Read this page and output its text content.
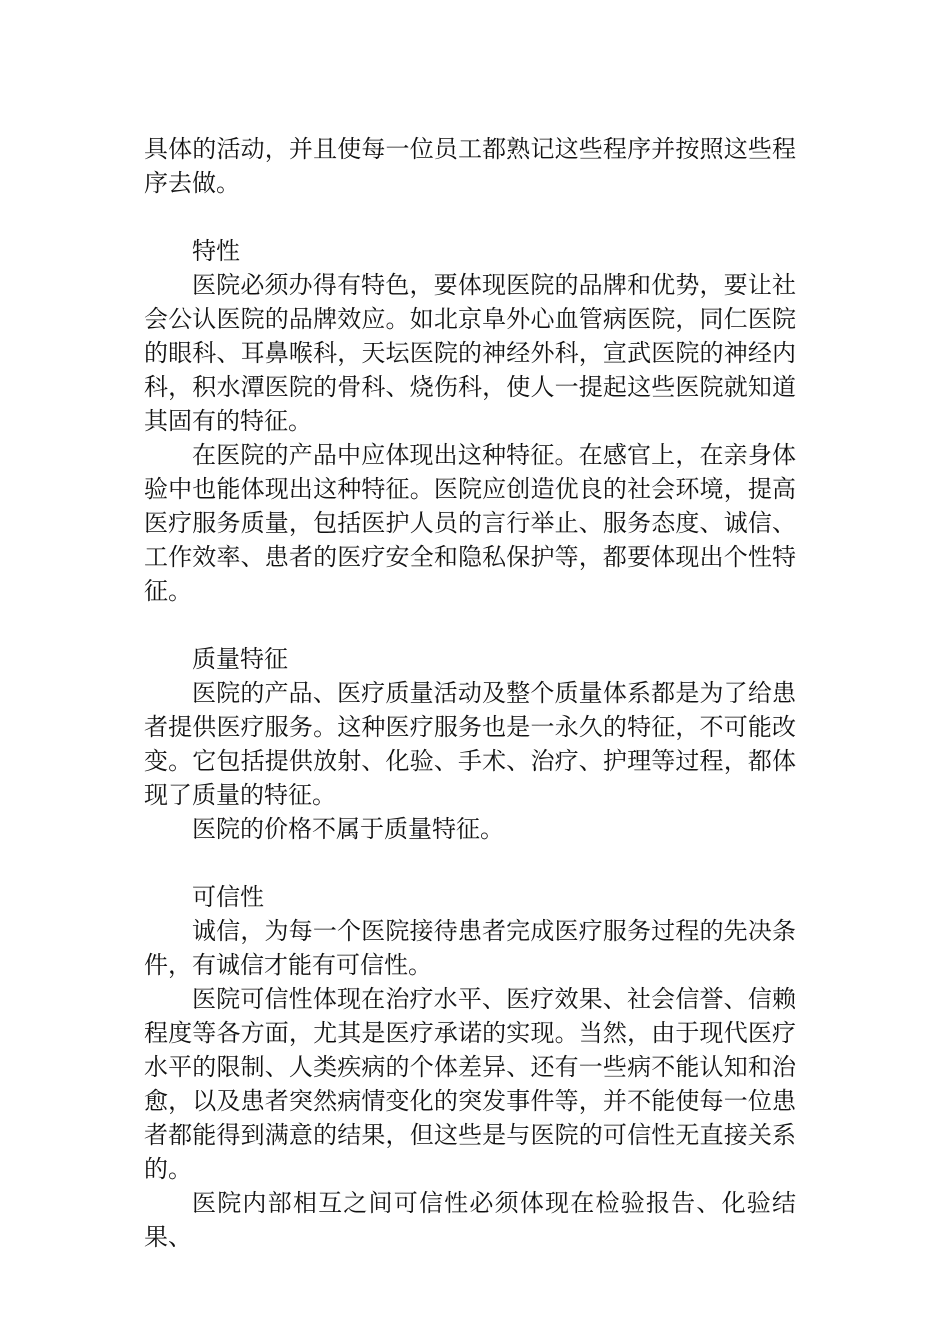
具体的活动，并且使每一位员工都熟记这些程序并按照这些程序去做。

特性

医院必须办得有特色，要体现医院的品牌和优势，要让社会公认医院的品牌效应。如北京阜外心血管病医院，同仁医院的眼科、耳鼻喉科，天坛医院的神经外科，宣武医院的神经内科，积水潭医院的骨科、烧伤科，使人一提起这些医院就知道其固有的特征。

在医院的产品中应体现出这种特征。在感官上，在亲身体验中也能体现出这种特征。医院应创造优良的社会环境，提高医疗服务质量，包括医护人员的言行举止、服务态度、诚信、工作效率、患者的医疗安全和隐私保护等，都要体现出个性特征。

质量特征

医院的产品、医疗质量活动及整个质量体系都是为了给患者提供医疗服务。这种医疗服务也是一永久的特征，不可能改变。它包括提供放射、化验、手术、治疗、护理等过程，都体现了质量的特征。

医院的价格不属于质量特征。

可信性

诚信，为每一个医院接待患者完成医疗服务过程的先决条件，有诚信才能有可信性。

医院可信性体现在治疗水平、医疗效果、社会信誉、信赖程度等各方面，尤其是医疗承诺的实现。当然，由于现代医疗水平的限制、人类疾病的个体差异、还有一些病不能认知和治愈，以及患者突然病情变化的突发事件等，并不能使每一位患者都能得到满意的结果，但这些是与医院的可信性无直接关系的。

医院内部相互之间可信性必须体现在检验报告、化验结果、
